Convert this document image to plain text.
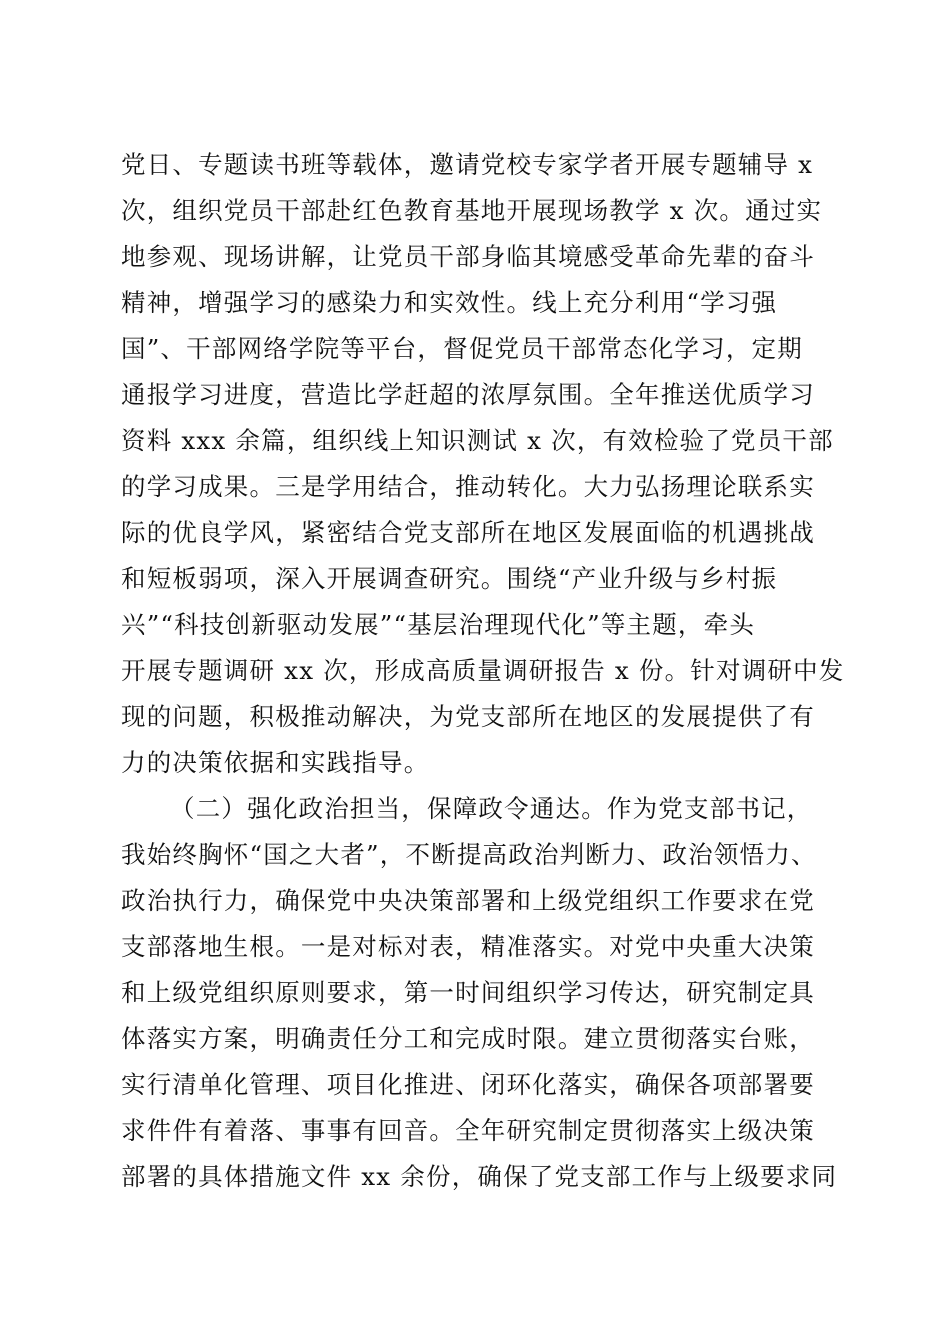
党日、专题读书班等载体，邀请党校专家学者开展专题辅导 x
次，组织党员干部赴红色教育基地开展现场教学 x 次。通过实
地参观、现场讲解，让党员干部身临其境感受革命先辈的奋斗
精神，增强学习的感染力和实效性。线上充分利用“学习强
国”、干部网络学院等平台，督促党员干部常态化学习，定期
通报学习进度，营造比学赶超的浓厚氛围。全年推送优质学习
资料 xxx 余篇，组织线上知识测试 x 次，有效检验了党员干部
的学习成果。三是学用结合，推动转化。大力弘扬理论联系实
际的优良学风，紧密结合党支部所在地区发展面临的机遇挑战
和短板弱项，深入开展调查研究。围绕“产业升级与乡村振
兴”“科技创新驱动发展”“基层治理现代化”等主题，牵头
开展专题调研 xx 次，形成高质量调研报告 x 份。针对调研中发
现的问题，积极推动解决，为党支部所在地区的发展提供了有
力的决策依据和实践指导。
（二）强化政治担当，保障政令通达。作为党支部书记，
我始终胸怀“国之大者”，不断提高政治判断力、政治领悟力、
政治执行力，确保党中央决策部署和上级党组织工作要求在党
支部落地生根。一是对标对表，精准落实。对党中央重大决策
和上级党组织原则要求，第一时间组织学习传达，研究制定具
体落实方案，明确责任分工和完成时限。建立贯彻落实台账，
实行清单化管理、项目化推进、闭环化落实，确保各项部署要
求件件有着落、事事有回音。全年研究制定贯彻落实上级决策
部署的具体措施文件 xx 余份，确保了党支部工作与上级要求同
